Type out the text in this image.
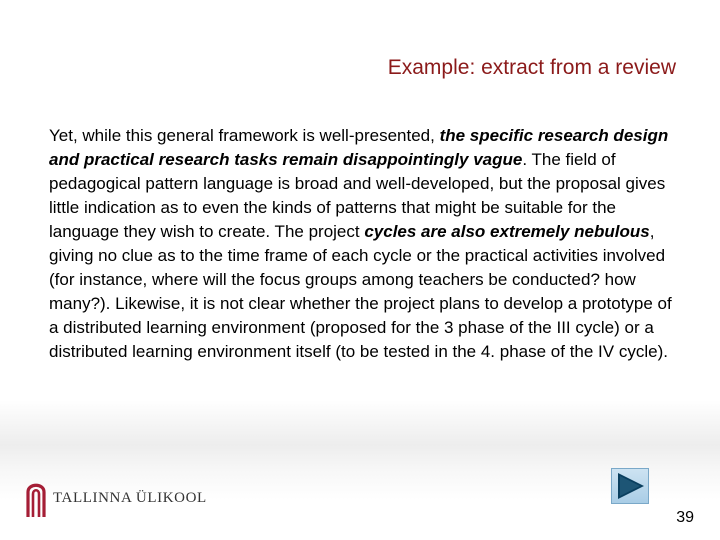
Example: extract from a review
Yet, while this general framework is well-presented, the specific research design and practical research tasks remain disappointingly vague. The field of pedagogical pattern language is broad and well-developed, but the proposal gives little indication as to even the kinds of patterns that might be suitable for the language they wish to create. The project cycles are also extremely nebulous, giving no clue as to the time frame of each cycle or the practical activities involved (for instance, where will the focus groups among teachers be conducted? how many?). Likewise, it is not clear whether the project plans to develop a prototype of a distributed learning environment (proposed for the 3 phase of the III cycle) or a distributed learning environment itself (to be tested in the 4. phase of the IV cycle).
TALLINNA ÜLIKOOL
39
